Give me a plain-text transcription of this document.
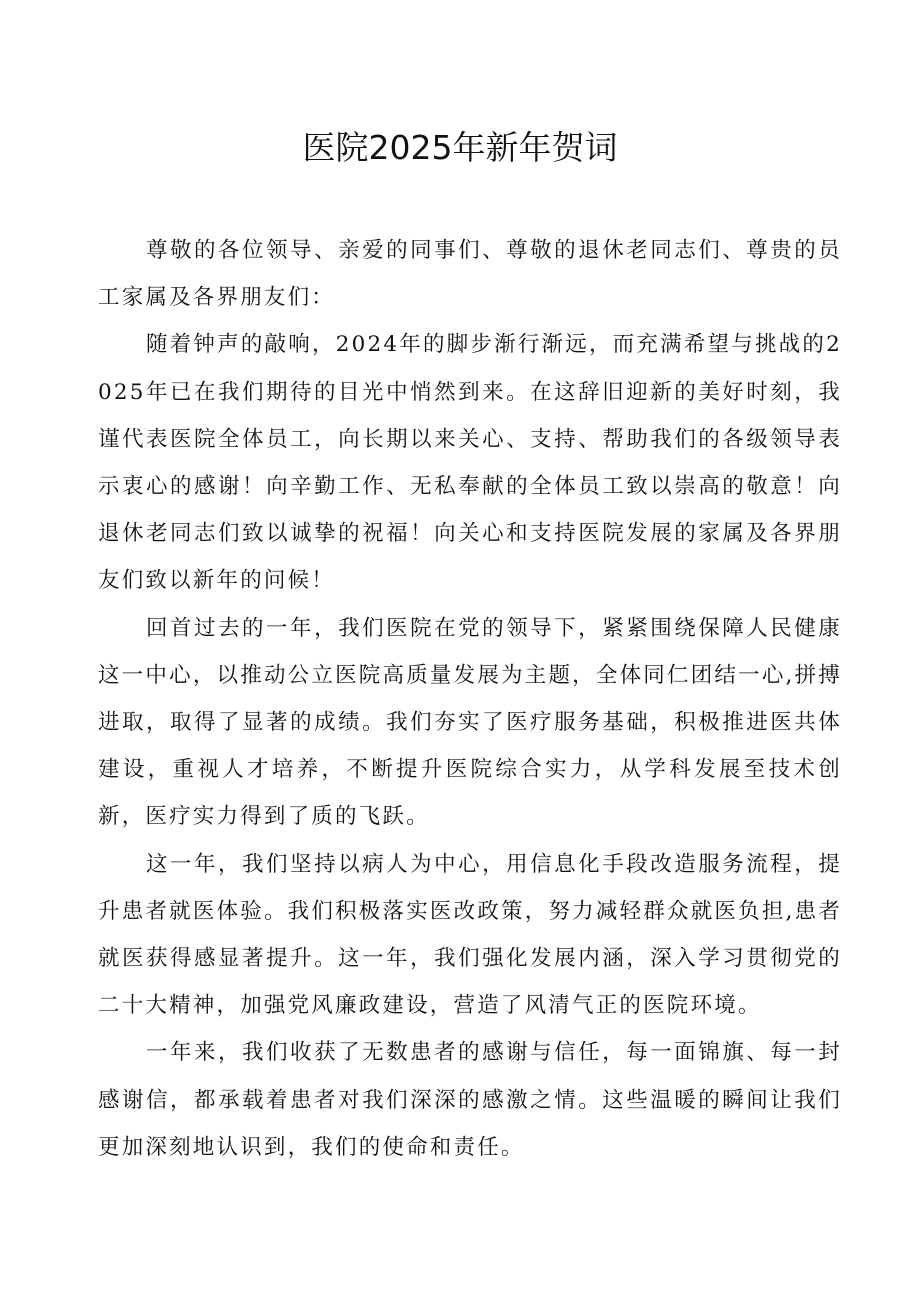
医院2025年新年贺词

尊敬的各位领导、亲爱的同事们、尊敬的退休老同志们、尊贵的员工家属及各界朋友们：

随着钟声的敲响，2024年的脚步渐行渐远，而充满希望与挑战的2025年已在我们期待的目光中悄然到来。在这辞旧迎新的美好时刻，我谨代表医院全体员工，向长期以来关心、支持、帮助我们的各级领导表示衷心的感谢！向辛勤工作、无私奉献的全体员工致以崇高的敬意！向退休老同志们致以诚挚的祝福！向关心和支持医院发展的家属及各界朋友们致以新年的问候！

回首过去的一年，我们医院在党的领导下，紧紧围绕保障人民健康这一中心，以推动公立医院高质量发展为主题，全体同仁团结一心,拼搏进取，取得了显著的成绩。我们夯实了医疗服务基础，积极推进医共体建设，重视人才培养，不断提升医院综合实力，从学科发展至技术创新，医疗实力得到了质的飞跃。

这一年，我们坚持以病人为中心，用信息化手段改造服务流程，提升患者就医体验。我们积极落实医改政策，努力减轻群众就医负担,患者就医获得感显著提升。这一年，我们强化发展内涵，深入学习贯彻党的二十大精神，加强党风廉政建设，营造了风清气正的医院环境。

一年来，我们收获了无数患者的感谢与信任，每一面锦旗、每一封感谢信，都承载着患者对我们深深的感激之情。这些温暖的瞬间让我们更加深刻地认识到，我们的使命和责任。
